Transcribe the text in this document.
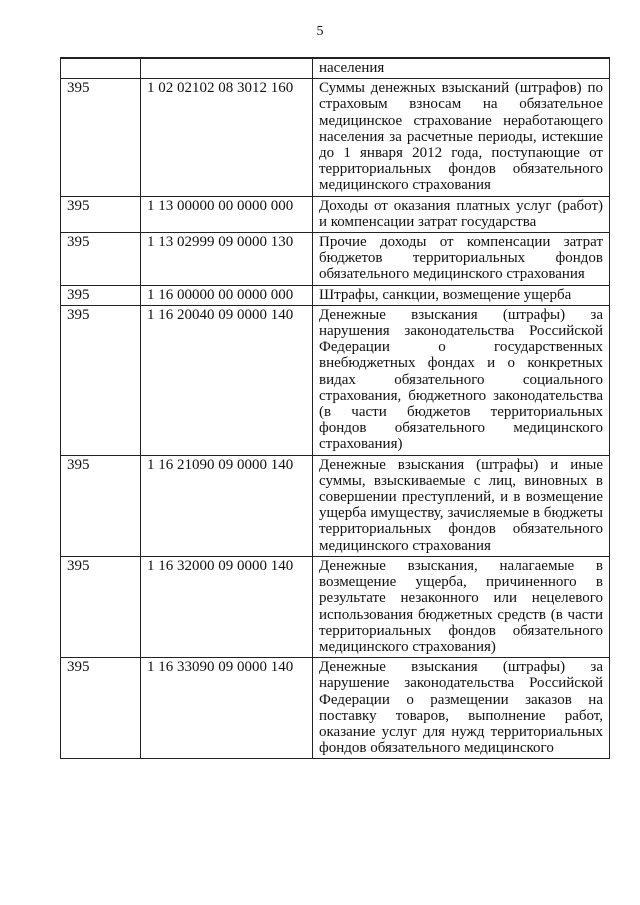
5
		населения
395	1 02 02102 08 3012 160	Суммы денежных взысканий (штрафов) по страховым взносам на обязательное медицинское страхование неработающего населения за расчетные периоды, истекшие до 1 января 2012 года, поступающие от территориальных фондов обязательного медицинского страхования
395	1 13 00000 00 0000 000	Доходы от оказания платных услуг (работ) и компенсации затрат государства
395	1 13 02999 09 0000 130	Прочие доходы от компенсации затрат бюджетов территориальных фондов обязательного медицинского страхования
395	1 16 00000 00 0000 000	Штрафы, санкции, возмещение ущерба
395	1 16 20040 09 0000 140	Денежные взыскания (штрафы) за нарушения законодательства Российской Федерации о государственных внебюджетных фондах и о конкретных видах обязательного социального страхования, бюджетного законодательства (в части бюджетов территориальных фондов обязательного медицинского страхования)
395	1 16 21090 09 0000 140	Денежные взыскания (штрафы) и иные суммы, взыскиваемые с лиц, виновных в совершении преступлений, и в возмещение ущерба имуществу, зачисляемые в бюджеты территориальных фондов обязательного медицинского страхования
395	1 16 32000 09 0000 140	Денежные взыскания, налагаемые в возмещение ущерба, причиненного в результате незаконного или нецелевого использования бюджетных средств (в части территориальных фондов обязательного медицинского страхования)
395	1 16 33090 09 0000 140	Денежные взыскания (штрафы) за нарушение законодательства Российской Федерации о размещении заказов на поставку товаров, выполнение работ, оказание услуг для нужд территориальных фондов обязательного медицинского
